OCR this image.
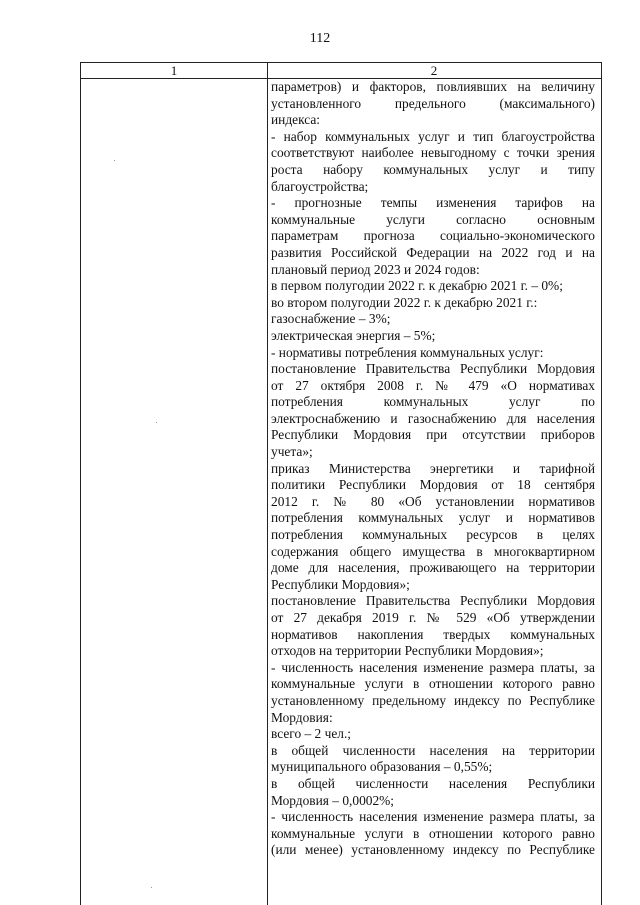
112
1	2
параметров) и факторов, повлиявших на величину
установленного предельного (максимального)
индекса:
- набор коммунальных услуг и тип благоустройства
соответствуют наиболее невыгодному с точки зрения
роста набору коммунальных услуг и типу
благоустройства;
- прогнозные темпы изменения тарифов на
коммунальные услуги согласно основным
параметрам прогноза социально-экономического
развития Российской Федерации на 2022 год и на
плановый период 2023 и 2024 годов:
в первом полугодии 2022 г. к декабрю 2021 г. – 0%;
во втором полугодии 2022 г. к декабрю 2021 г.:
газоснабжение – 3%;
электрическая энергия – 5%;
- нормативы потребления коммунальных услуг:
постановление Правительства Республики Мордовия
от 27 октября 2008 г. № 479 «О нормативах
потребления коммунальных услуг по
электроснабжению и газоснабжению для населения
Республики Мордовия при отсутствии приборов
учета»;
приказ Министерства энергетики и тарифной
политики Республики Мордовия от 18 сентября
2012 г. № 80 «Об установлении нормативов
потребления коммунальных услуг и нормативов
потребления коммунальных ресурсов в целях
содержания общего имущества в многоквартирном
доме для населения, проживающего на территории
Республики Мордовия»;
постановление Правительства Республики Мордовия
от 27 декабря 2019 г. № 529 «Об утверждении
нормативов накопления твердых коммунальных
отходов на территории Республики Мордовия»;
- численность населения изменение размера платы, за
коммунальные услуги в отношении которого равно
установленному предельному индексу по Республике
Мордовия:
всего – 2 чел.;
в общей численности населения на территории
муниципального образования – 0,55%;
в общей численности населения Республики
Мордовия – 0,0002%;
- численность населения изменение размера платы, за
коммунальные услуги в отношении которого равно
(или менее) установленному индексу по Республике
·
·
·
